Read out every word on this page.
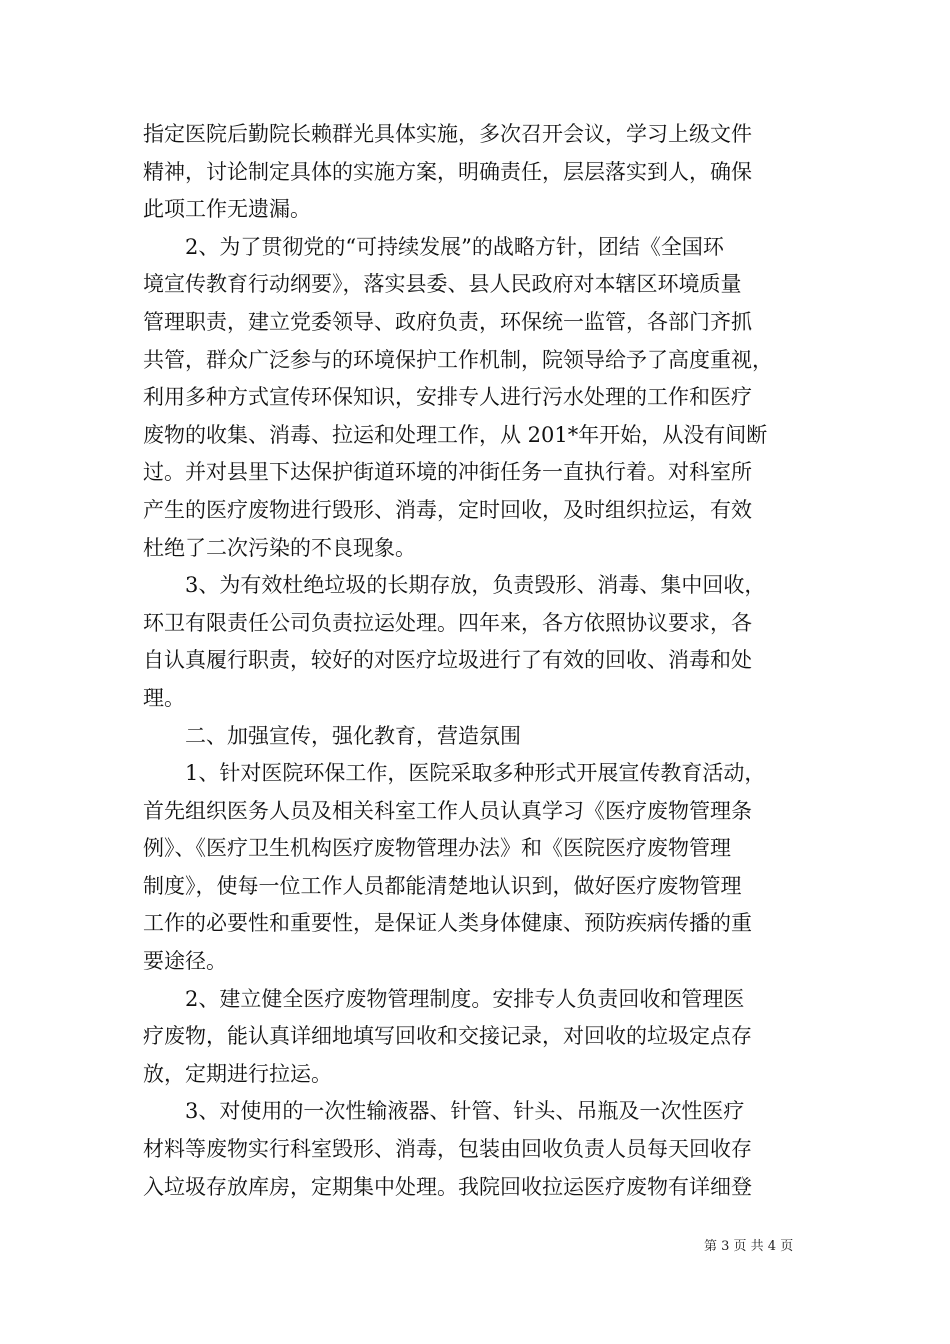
指定医院后勤院长赖群光具体实施，多次召开会议，学习上级文件
精神，讨论制定具体的实施方案，明确责任，层层落实到人，确保
此项工作无遗漏。
2、为了贯彻党的“可持续发展”的战略方针，团结《全国环
境宣传教育行动纲要》，落实县委、县人民政府对本辖区环境质量
管理职责，建立党委领导、政府负责，环保统一监管，各部门齐抓
共管，群众广泛参与的环境保护工作机制，院领导给予了高度重视，
利用多种方式宣传环保知识，安排专人进行污水处理的工作和医疗
废物的收集、消毒、拉运和处理工作，从 201*年开始，从没有间断
过。并对县里下达保护街道环境的冲街任务一直执行着。对科室所
产生的医疗废物进行毁形、消毒，定时回收，及时组织拉运，有效
杜绝了二次污染的不良现象。
3、为有效杜绝垃圾的长期存放，负责毁形、消毒、集中回收，
环卫有限责任公司负责拉运处理。四年来，各方依照协议要求，各
自认真履行职责，较好的对医疗垃圾进行了有效的回收、消毒和处
理。
二、加强宣传，强化教育，营造氛围
1、针对医院环保工作，医院采取多种形式开展宣传教育活动，
首先组织医务人员及相关科室工作人员认真学习《医疗废物管理条
例》、《医疗卫生机构医疗废物管理办法》和《医院医疗废物管理
制度》，使每一位工作人员都能清楚地认识到，做好医疗废物管理
工作的必要性和重要性，是保证人类身体健康、预防疾病传播的重
要途径。
2、建立健全医疗废物管理制度。安排专人负责回收和管理医
疗废物，能认真详细地填写回收和交接记录，对回收的垃圾定点存
放，定期进行拉运。
3、对使用的一次性输液器、针管、针头、吊瓶及一次性医疗
材料等废物实行科室毁形、消毒，包装由回收负责人员每天回收存
入垃圾存放库房，定期集中处理。我院回收拉运医疗废物有详细登
第 3 页 共 4 页
